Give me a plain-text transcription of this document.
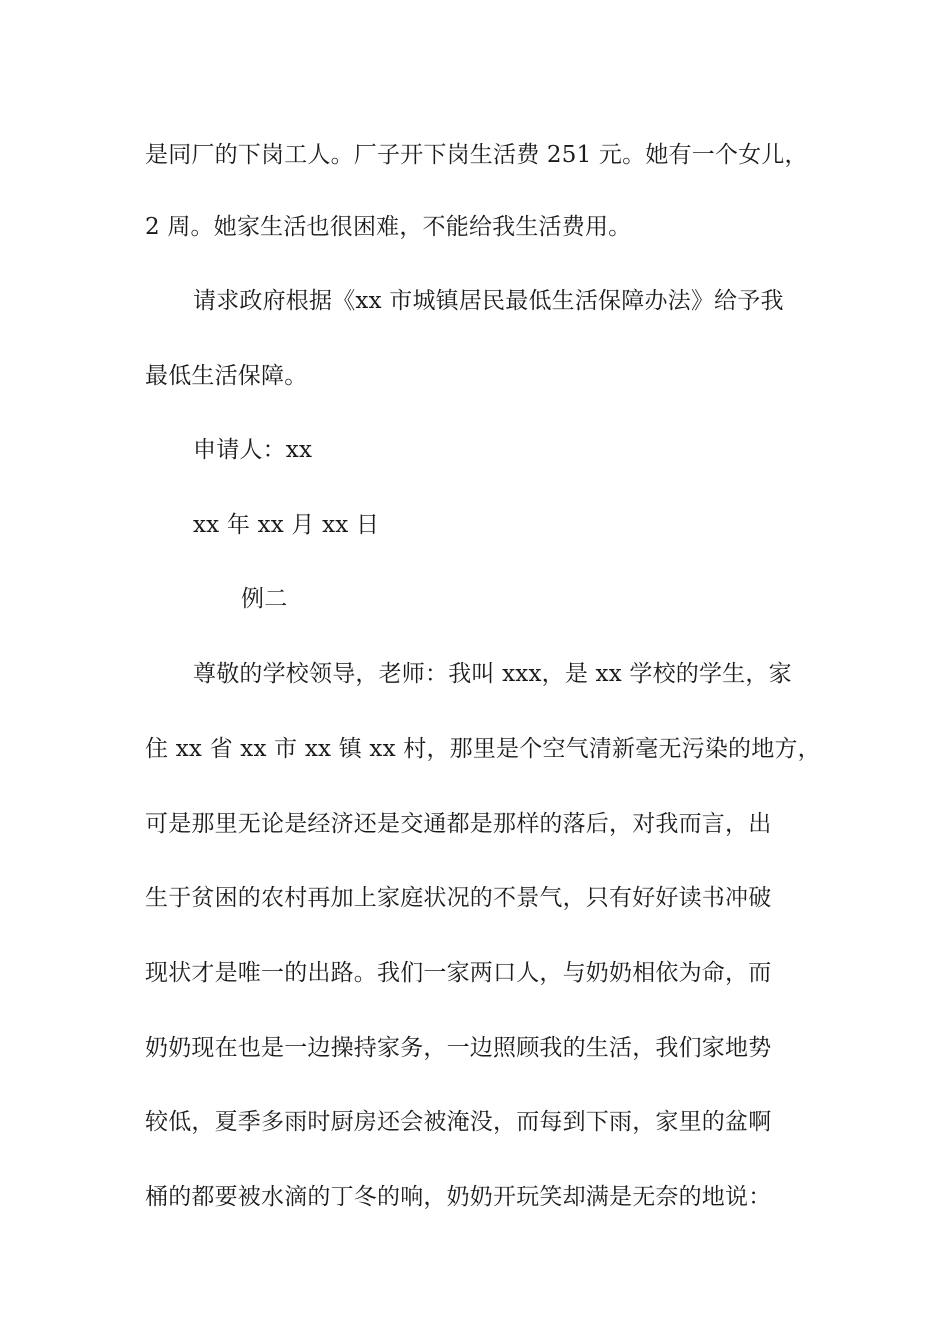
是同厂的下岗工人。厂子开下岗生活费 251 元。她有一个女儿，
2 周。她家生活也很困难，不能给我生活费用。
请求政府根据《xx 市城镇居民最低生活保障办法》给予我
最低生活保障。
申请人：xx
xx 年 xx 月 xx 日
例二
尊敬的学校领导，老师：我叫 xxx，是 xx 学校的学生，家
住 xx 省 xx 市 xx 镇 xx 村，那里是个空气清新毫无污染的地方，
可是那里无论是经济还是交通都是那样的落后，对我而言，出
生于贫困的农村再加上家庭状况的不景气，只有好好读书冲破
现状才是唯一的出路。我们一家两口人，与奶奶相依为命，而
奶奶现在也是一边操持家务，一边照顾我的生活，我们家地势
较低，夏季多雨时厨房还会被淹没，而每到下雨，家里的盆啊
桶的都要被水滴的丁冬的响，奶奶开玩笑却满是无奈的地说：
